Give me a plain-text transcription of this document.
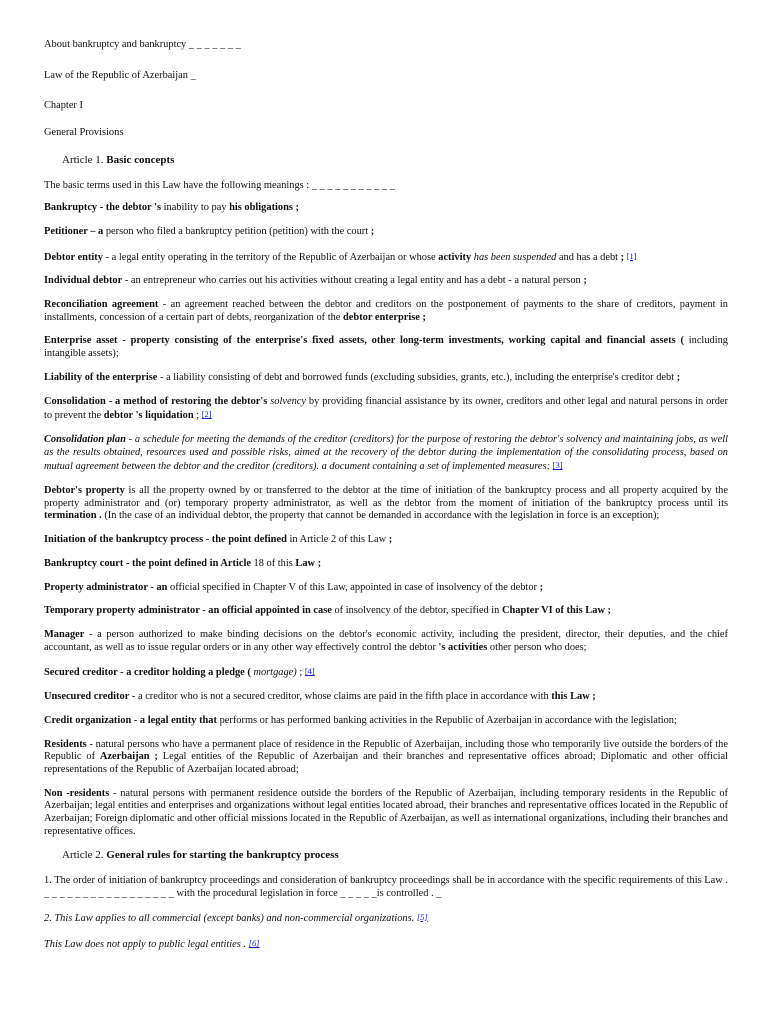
About bankruptcy and bankruptcy _ _ _ _ _ _ _

Law of the Republic of Azerbaijan _

Chapter I

General Provisions

Article 1. Basic concepts

The basic terms used in this Law have the following meanings : _ _ _ _ _ _ _ _ _ _ _

Bankruptcy - the debtor 's inability to pay his obligations ;

Petitioner – a person who filed a bankruptcy petition (petition) with the court ;

Debtor entity - a legal entity operating in the territory of the Republic of Azerbaijan or whose activity has been suspended and has a debt ; [1]

Individual debtor - an entrepreneur who carries out his activities without creating a legal entity and has a debt - a natural person ;

Reconciliation agreement - an agreement reached between the debtor and creditors on the postponement of payments to the share of creditors, payment in installments, concession of a certain part of debts, reorganization of the debtor enterprise ;

Enterprise asset - property consisting of the enterprise's fixed assets, other long-term investments, working capital and financial assets ( including intangible assets);

Liability of the enterprise - a liability consisting of debt and borrowed funds (excluding subsidies, grants, etc.), including the enterprise's creditor debt ;

Consolidation - a method of restoring the debtor's solvency by providing financial assistance by its owner, creditors and other legal and natural persons in order to prevent the debtor 's liquidation ; [2]

Consolidation plan - a schedule for meeting the demands of the creditor (creditors) for the purpose of restoring the debtor's solvency and maintaining jobs, as well as the results obtained, resources used and possible risks, aimed at the recovery of the debtor during the implementation of the consolidating process, based on mutual agreement between the debtor and the creditor (creditors). a document containing a set of implemented measures; [3]

Debtor's property is all the property owned by or transferred to the debtor at the time of initiation of the bankruptcy process and all property acquired by the property administrator and (or) temporary property administrator, as well as the debtor from the moment of initiation of the bankruptcy process until its termination . (In the case of an individual debtor, the property that cannot be demanded in accordance with the legislation in force is an exception);

Initiation of the bankruptcy process - the point defined in Article 2 of this Law ;

Bankruptcy court - the point defined in Article 18 of this Law ;

Property administrator - an official specified in Chapter V of this Law, appointed in case of insolvency of the debtor ;

Temporary property administrator - an official appointed in case of insolvency of the debtor, specified in Chapter VI of this Law ;

Manager - a person authorized to make binding decisions on the debtor's economic activity, including the president, director, their deputies, and the chief accountant, as well as to issue regular orders or in any other way effectively control the debtor 's activities other person who does;

Secured creditor - a creditor holding a pledge ( mortgage) ; [4]

Unsecured creditor - a creditor who is not a secured creditor, whose claims are paid in the fifth place in accordance with this Law ;

Credit organization - a legal entity that performs or has performed banking activities in the Republic of Azerbaijan in accordance with the legislation;

Residents - natural persons who have a permanent place of residence in the Republic of Azerbaijan, including those who temporarily live outside the borders of the Republic of Azerbaijan ; Legal entities of the Republic of Azerbaijan and their branches and representative offices abroad; Diplomatic and other official representations of the Republic of Azerbaijan located abroad;

Non -residents - natural persons with permanent residence outside the borders of the Republic of Azerbaijan, including temporary residents in the Republic of Azerbaijan; legal entities and enterprises and organizations without legal entities located abroad, their branches and representative offices located in the Republic of Azerbaijan; Foreign diplomatic and other official missions located in the Republic of Azerbaijan, as well as international organizations, including their branches and representative offices.

Article 2. General rules for starting the bankruptcy process

1. The order of initiation of bankruptcy proceedings and consideration of bankruptcy proceedings shall be in accordance with the specific requirements of this Law . _ _ _ _ _ _ _ _ _ _ _ _ _ _ _ _ _ with the procedural legislation in force _ _ _ _ _is controlled . _

2. This Law applies to all commercial (except banks) and non-commercial organizations. [5]

This Law does not apply to public legal entities . [6]
